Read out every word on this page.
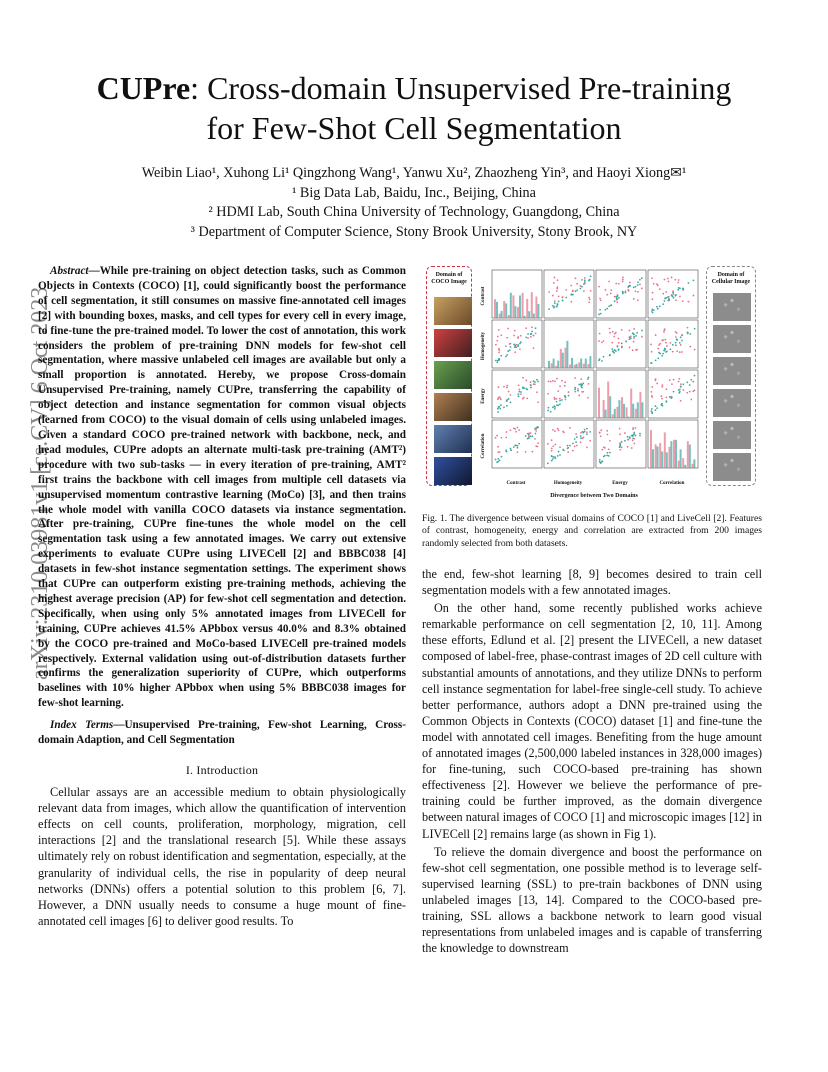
arXiv:2310.03981v1 [cs.CV] 6 Oct 2023
CUPre: Cross-domain Unsupervised Pre-training
for Few-Shot Cell Segmentation
Weibin Liao¹, Xuhong Li¹ Qingzhong Wang¹, Yanwu Xu², Zhaozheng Yin³, and Haoyi Xiong✉¹
¹ Big Data Lab, Baidu, Inc., Beijing, China
² HDMI Lab, South China University of Technology, Guangdong, China
³ Department of Computer Science, Stony Brook University, Stony Brook, NY
Abstract—While pre-training on object detection tasks, such as Common Objects in Contexts (COCO) [1], could significantly boost the performance of cell segmentation, it still consumes on massive fine-annotated cell images [2] with bounding boxes, masks, and cell types for every cell in every image, to fine-tune the pre-trained model. To lower the cost of annotation, this work considers the problem of pre-training DNN models for few-shot cell segmentation, where massive unlabeled cell images are available but only a small proportion is annotated. Hereby, we propose Cross-domain Unsupervised Pre-training, namely CUPre, transferring the capability of object detection and instance segmentation for common visual objects (learned from COCO) to the visual domain of cells using unlabeled images. Given a standard COCO pre-trained network with backbone, neck, and head modules, CUPre adopts an alternate multi-task pre-training (AMT²) procedure with two sub-tasks — in every iteration of pre-training, AMT² first trains the backbone with cell images from multiple cell datasets via unsupervised momentum contrastive learning (MoCo) [3], and then trains the whole model with vanilla COCO datasets via instance segmentation. After pre-training, CUPre fine-tunes the whole model on the cell segmentation task using a few annotated images. We carry out extensive experiments to evaluate CUPre using LIVECell [2] and BBBC038 [4] datasets in few-shot instance segmentation settings. The experiment shows that CUPre can outperform existing pre-training methods, achieving the highest average precision (AP) for few-shot cell segmentation and detection. Specifically, when using only 5% annotated images from LIVECell for training, CUPre achieves 41.5% APbbox versus 40.0% and 8.3% obtained by the COCO pre-trained and MoCo-based LIVECell pre-trained models respectively. External validation using out-of-distribution datasets further confirms the generalization superiority of CUPre, which outperforms baselines with 10% higher APbbox when using 5% BBBC038 images for few-shot learning.
Index Terms—Unsupervised Pre-training, Few-shot Learning, Cross-domain Adaption, and Cell Segmentation
I. Introduction

Cellular assays are an accessible medium to obtain physiologically relevant data from images, which allow the quantification of intervention effects on cell counts, proliferation, morphology, migration, cell interactions [2] and the translational research [5]. While these assays ultimately rely on robust identification and segmentation, especially, at the granularity of individual cells, the rise in popularity of deep neural networks (DNNs) offers a potential solution to this problem [6, 7]. However, a DNN usually needs to consume a huge mount of fine-annotated cell images [6] to deliver good results. To

Domain of COCO Image
Contrast
Homogeneity
Energy
Correlation
Contrast	Homogeneity	Energy	Correlation
Divergence between Two Domains
Domain of Cellular Image
Fig. 1. The divergence between visual domains of COCO [1] and LiveCell [2]. Features of contrast, homogeneity, energy and correlation are extracted from 200 images randomly selected from both datasets.

the end, few-shot learning [8, 9] becomes desired to train cell segmentation models with a few annotated images.

On the other hand, some recently published works achieve remarkable performance on cell segmentation [2, 10, 11]. Among these efforts, Edlund et al. [2] present the LIVECell, a new dataset composed of label-free, phase-contrast images of 2D cell culture with substantial amounts of annotations, and they utilize DNNs to perform cell instance segmentation for label-free single-cell study. To achieve better performance, authors adopt a DNN pre-trained using the Common Objects in Contexts (COCO) dataset [1] and fine-tune the model with annotated cell images. Benefiting from the huge amount of annotated images (2,500,000 labeled instances in 328,000 images) for fine-tuning, such COCO-based pre-training has shown effectiveness [2]. However we believe the performance of pre-training could be further improved, as the domain divergence between natural images of COCO [1] and microscopic images [12] in LIVECell [2] remains large (as shown in Fig 1).

To relieve the domain divergence and boost the performance on few-shot cell segmentation, one possible method is to leverage self-supervised learning (SSL) to pre-train backbones of DNN using unlabeled images [13, 14]. Compared to the COCO-based pre-training, SSL allows a backbone network to learn good visual representations from unlabeled images and is capable of transferring the knowledge to downstream
